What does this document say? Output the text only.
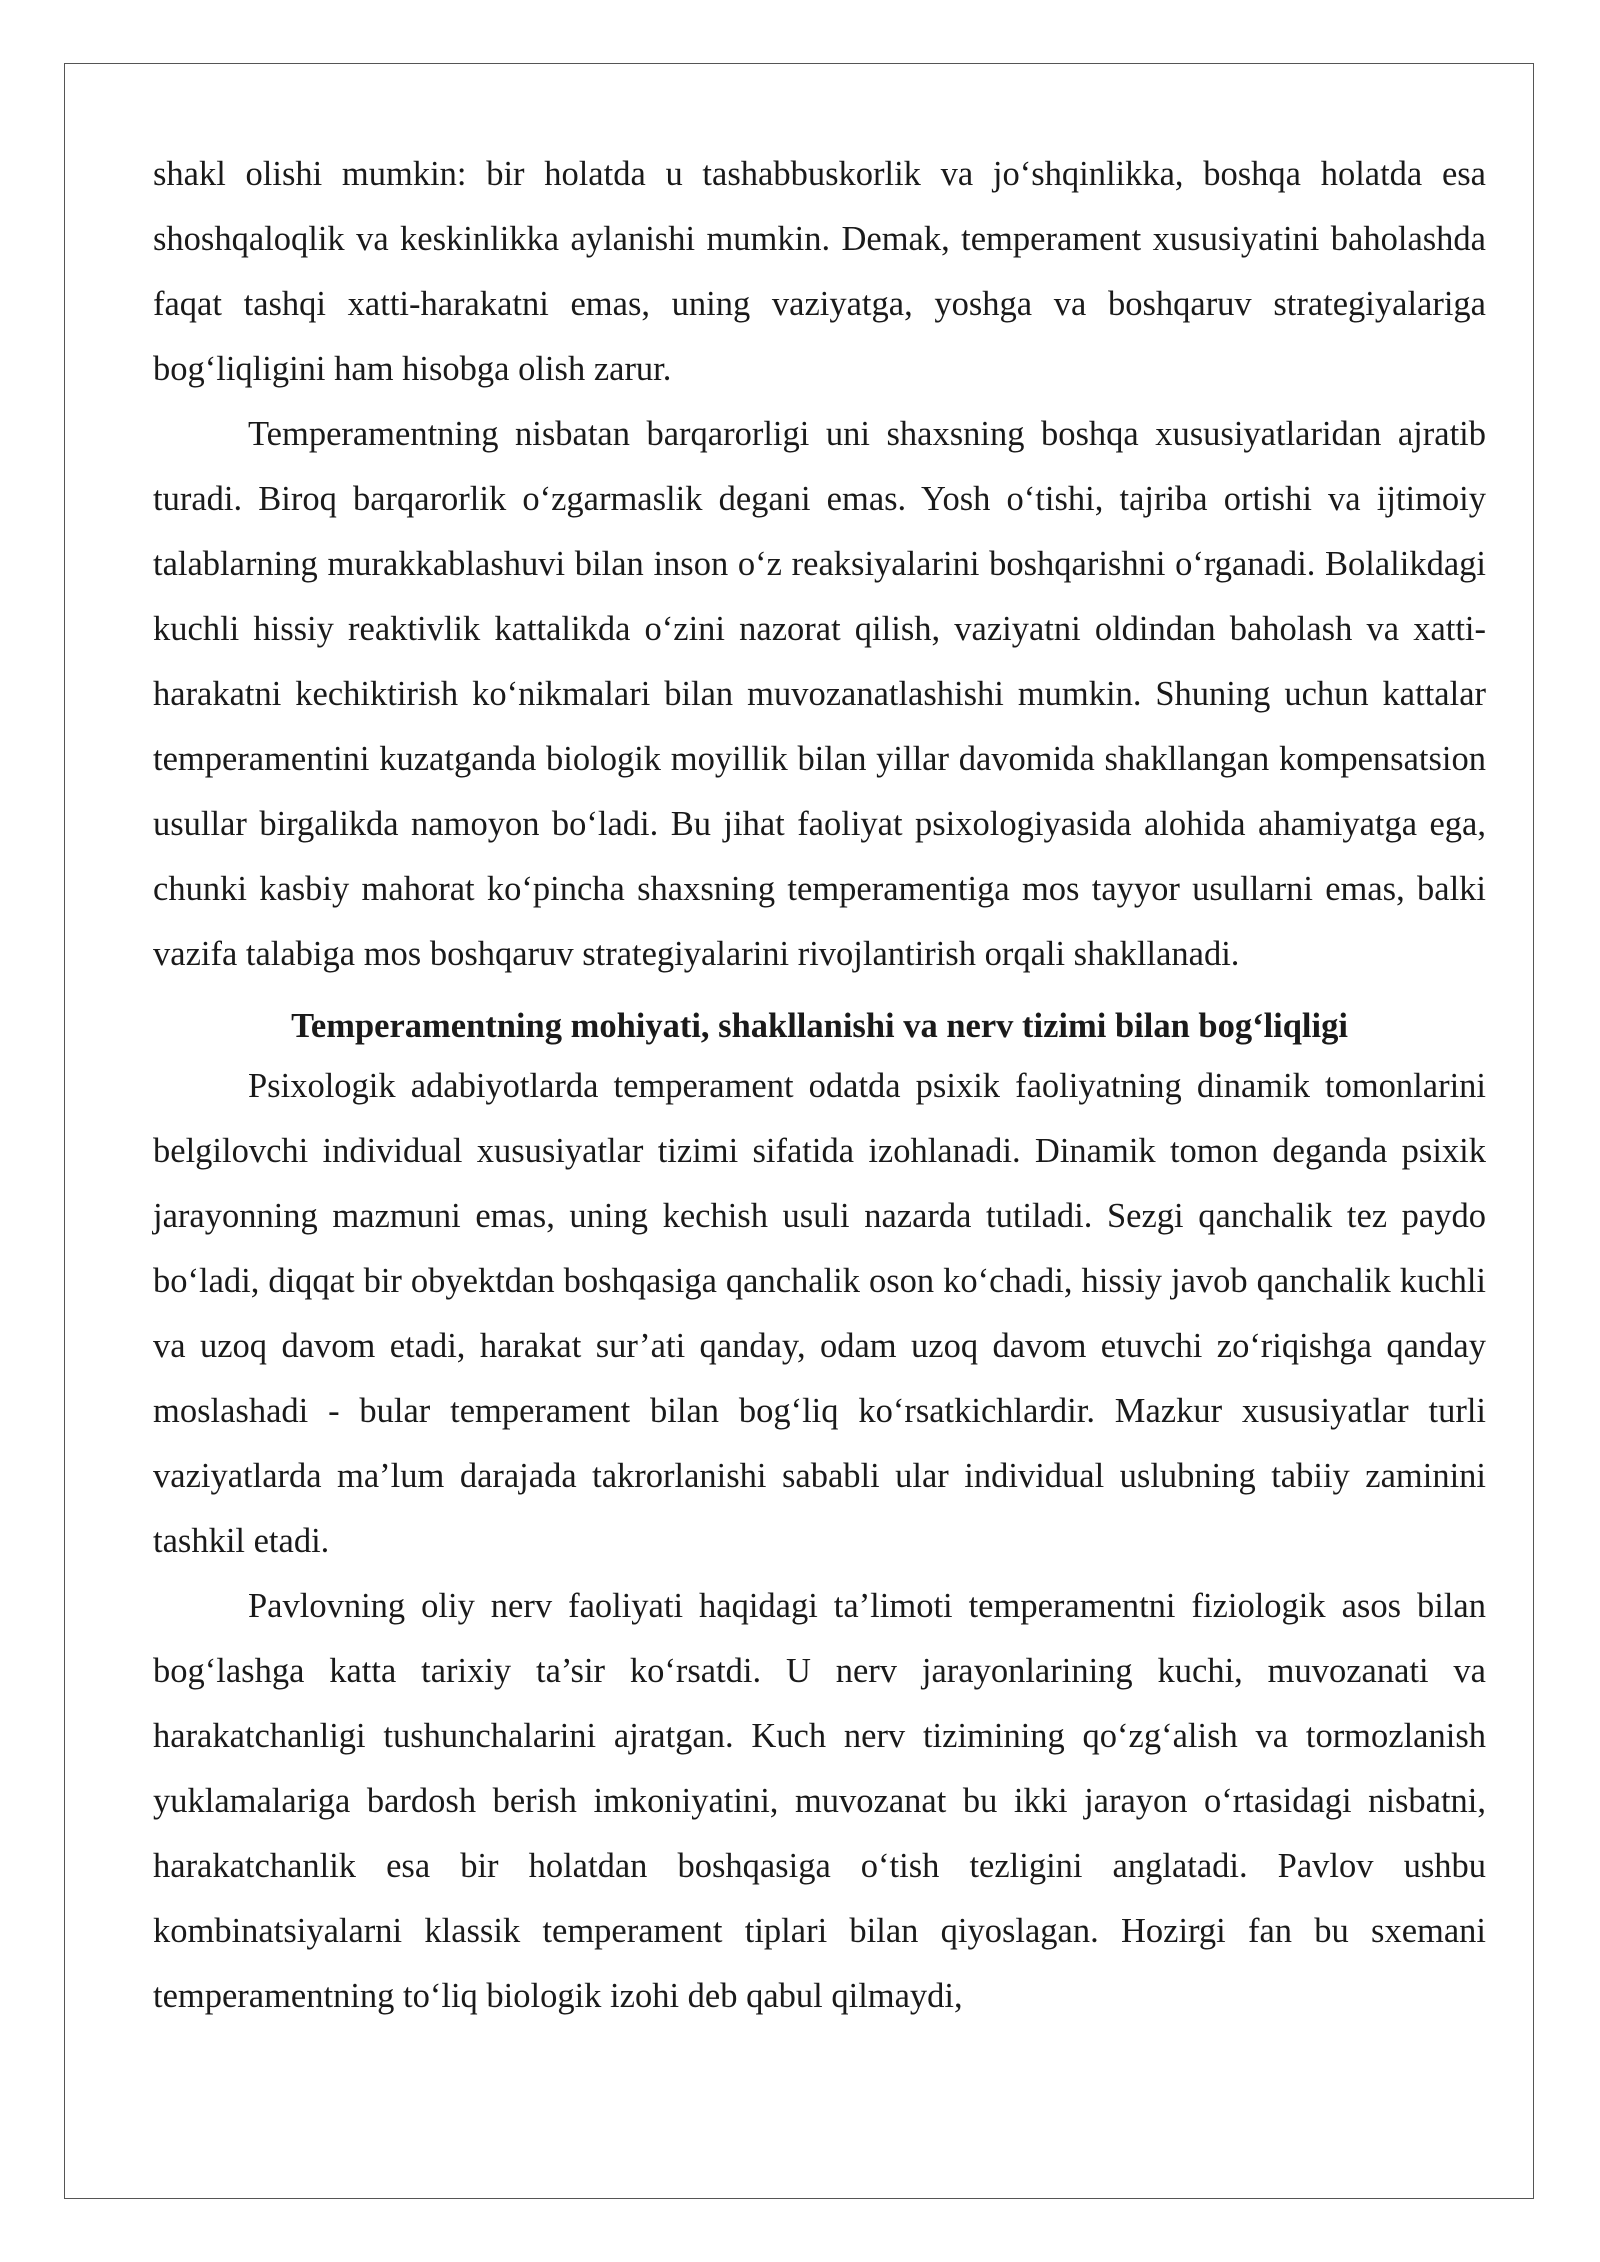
shakl olishi mumkin: bir holatda u tashabbuskorlik va jo‘shqinlikka, boshqa holatda esa shoshqaloqlik va keskinlikka aylanishi mumkin. Demak, temperament xususiyatini baholashda faqat tashqi xatti-harakatni emas, uning vaziyatga, yoshga va boshqaruv strategiyalariga bog‘liqligini ham hisobga olish zarur.

Temperamentning nisbatan barqarorligi uni shaxsning boshqa xususiyatlaridan ajratib turadi. Biroq barqarorlik o‘zgarmaslik degani emas. Yosh o‘tishi, tajriba ortishi va ijtimoiy talablarning murakkablashuvi bilan inson o‘z reaksiyalarini boshqarishni o‘rganadi. Bolalikdagi kuchli hissiy reaktivlik kattalikda o‘zini nazorat qilish, vaziyatni oldindan baholash va xatti-harakatni kechiktirish ko‘nikmalari bilan muvozanatlashishi mumkin. Shuning uchun kattalar temperamentini kuzatganda biologik moyillik bilan yillar davomida shakllangan kompensatsion usullar birgalikda namoyon bo‘ladi. Bu jihat faoliyat psixologiyasida alohida ahamiyatga ega, chunki kasbiy mahorat ko‘pincha shaxsning temperamentiga mos tayyor usullarni emas, balki vazifa talabiga mos boshqaruv strategiyalarini rivojlantirish orqali shakllanadi.

Temperamentning mohiyati, shakllanishi va nerv tizimi bilan bog‘liqligi

Psixologik adabiyotlarda temperament odatda psixik faoliyatning dinamik tomonlarini belgilovchi individual xususiyatlar tizimi sifatida izohlanadi. Dinamik tomon deganda psixik jarayonning mazmuni emas, uning kechish usuli nazarda tutiladi. Sezgi qanchalik tez paydo bo‘ladi, diqqat bir obyektdan boshqasiga qanchalik oson ko‘chadi, hissiy javob qanchalik kuchli va uzoq davom etadi, harakat sur’ati qanday, odam uzoq davom etuvchi zo‘riqishga qanday moslashadi - bular temperament bilan bog‘liq ko‘rsatkichlardir. Mazkur xususiyatlar turli vaziyatlarda ma’lum darajada takrorlanishi sababli ular individual uslubning tabiiy zaminini tashkil etadi.

Pavlovning oliy nerv faoliyati haqidagi ta’limoti temperamentni fiziologik asos bilan bog‘lashga katta tarixiy ta’sir ko‘rsatdi. U nerv jarayonlarining kuchi, muvozanati va harakatchanligi tushunchalarini ajratgan. Kuch nerv tizimining qo‘zg‘alish va tormozlanish yuklamalariga bardosh berish imkoniyatini, muvozanat bu ikki jarayon o‘rtasidagi nisbatni, harakatchanlik esa bir holatdan boshqasiga o‘tish tezligini anglatadi. Pavlov ushbu kombinatsiyalarni klassik temperament tiplari bilan qiyoslagan. Hozirgi fan bu sxemani temperamentning to‘liq biologik izohi deb qabul qilmaydi,
